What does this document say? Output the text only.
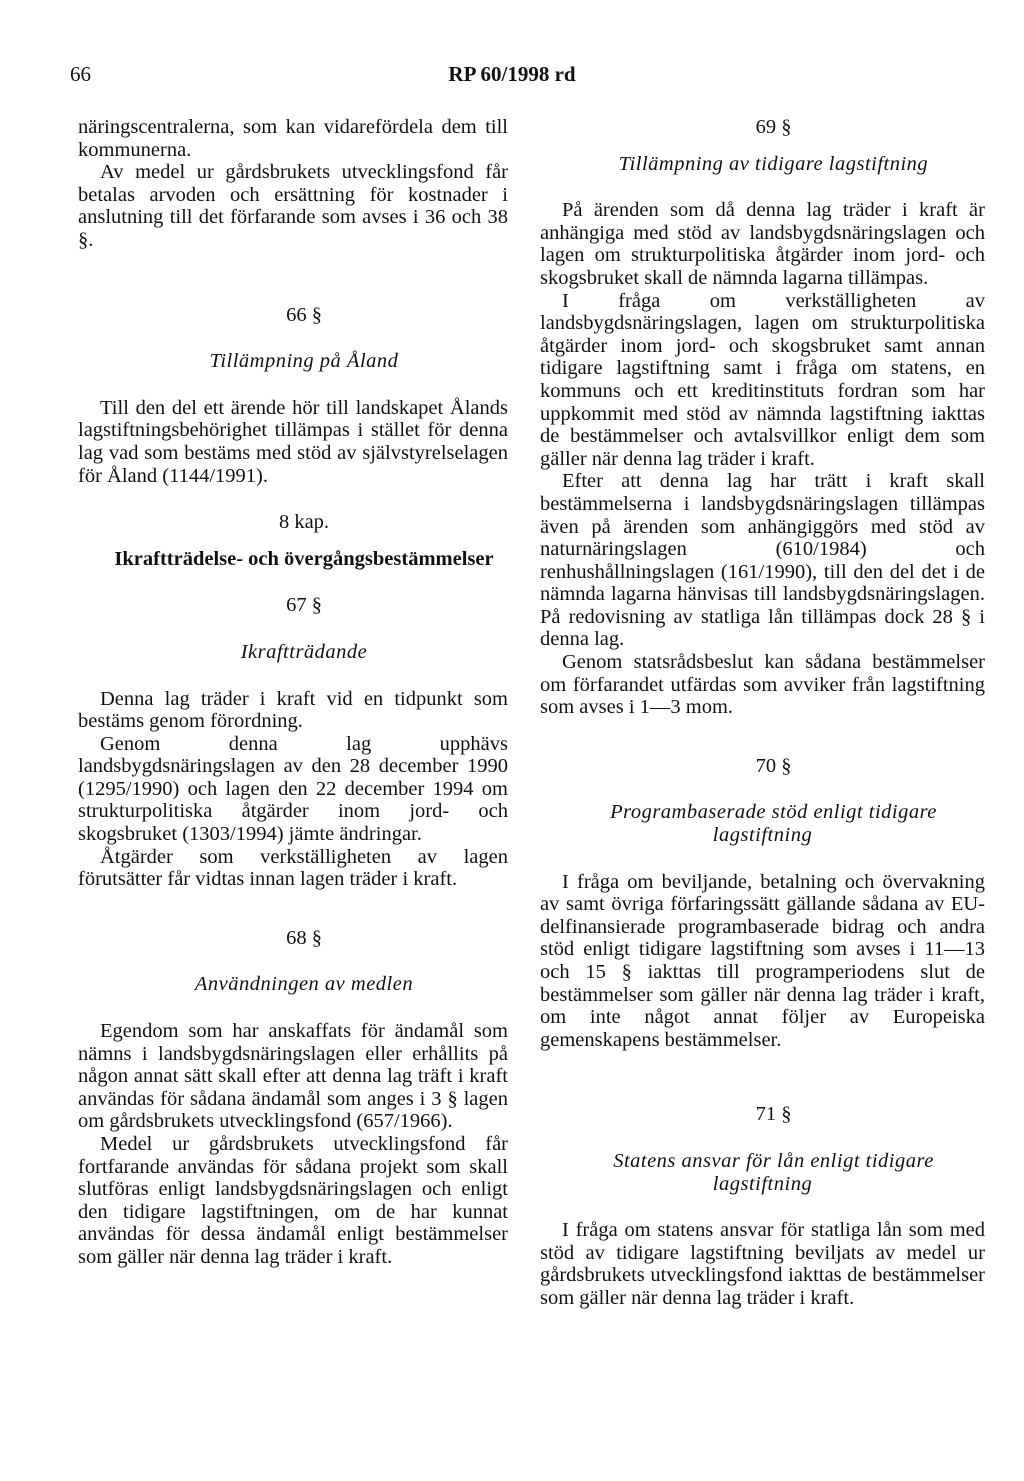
66	RP 60/1998 rd

näringscentralerna, som kan vidarefördela dem till kommunerna.

Av medel ur gårdsbrukets utvecklingsfond får betalas arvoden och ersättning för kostnader i anslutning till det förfarande som avses i 36 och 38 §.

66 §

Tillämpning på Åland

Till den del ett ärende hör till landskapet Ålands lagstiftningsbehörighet tillämpas i stället för denna lag vad som bestäms med stöd av självstyrelselagen för Åland (1144/1991).

8 kap.

Ikraftträdelse- och övergångsbestämmelser

67 §

Ikraftträdande

Denna lag träder i kraft vid en tidpunkt som bestäms genom förordning.

Genom denna lag upphävs landsbygdsnäringslagen av den 28 december 1990 (1295/1990) och lagen den 22 december 1994 om strukturpolitiska åtgärder inom jord- och skogsbruket (1303/1994) jämte ändringar.

Åtgärder som verkställigheten av lagen förutsätter får vidtas innan lagen träder i kraft.

68 §

Användningen av medlen

Egendom som har anskaffats för ändamål som nämns i landsbygdsnäringslagen eller erhållits på någon annat sätt skall efter att denna lag träft i kraft användas för sådana ändamål som anges i 3 § lagen om gårdsbrukets utvecklingsfond (657/1966).

Medel ur gårdsbrukets utvecklingsfond får fortfarande användas för sådana projekt som skall slutföras enligt landsbygdsnäringslagen och enligt den tidigare lagstiftningen, om de har kunnat användas för dessa ändamål enligt bestämmelser som gäller när denna lag träder i kraft.

69 §

Tillämpning av tidigare lagstiftning

På ärenden som då denna lag träder i kraft är anhängiga med stöd av landsbygdsnäringslagen och lagen om strukturpolitiska åtgärder inom jord- och skogsbruket skall de nämnda lagarna tillämpas.

I fråga om verkställigheten av landsbygdsnäringslagen, lagen om strukturpolitiska åtgärder inom jord- och skogsbruket samt annan tidigare lagstiftning samt i fråga om statens, en kommuns och ett kreditinstituts fordran som har uppkommit med stöd av nämnda lagstiftning iakttas de bestämmelser och avtalsvillkor enligt dem som gäller när denna lag träder i kraft.

Efter att denna lag har trätt i kraft skall bestämmelserna i landsbygdsnäringslagen tillämpas även på ärenden som anhängiggörs med stöd av naturnäringslagen (610/1984) och renhushållningslagen (161/1990), till den del det i de nämnda lagarna hänvisas till landsbygdsnäringslagen. På redovisning av statliga lån tillämpas dock 28 § i denna lag.

Genom statsrådsbeslut kan sådana bestämmelser om förfarandet utfärdas som avviker från lagstiftning som avses i 1—3 mom.

70 §

Programbaserade stöd enligt tidigare lagstiftning

I fråga om beviljande, betalning och övervakning av samt övriga förfaringssätt gällande sådana av EU-delfinansierade programbaserade bidrag och andra stöd enligt tidigare lagstiftning som avses i 11—13 och 15 § iakttas till programperiodens slut de bestämmelser som gäller när denna lag träder i kraft, om inte något annat följer av Europeiska gemenskapens bestämmelser.

71 §

Statens ansvar för lån enligt tidigare lagstiftning

I fråga om statens ansvar för statliga lån som med stöd av tidigare lagstiftning beviljats av medel ur gårdsbrukets utvecklingsfond iakttas de bestämmelser som gäller när denna lag träder i kraft.
